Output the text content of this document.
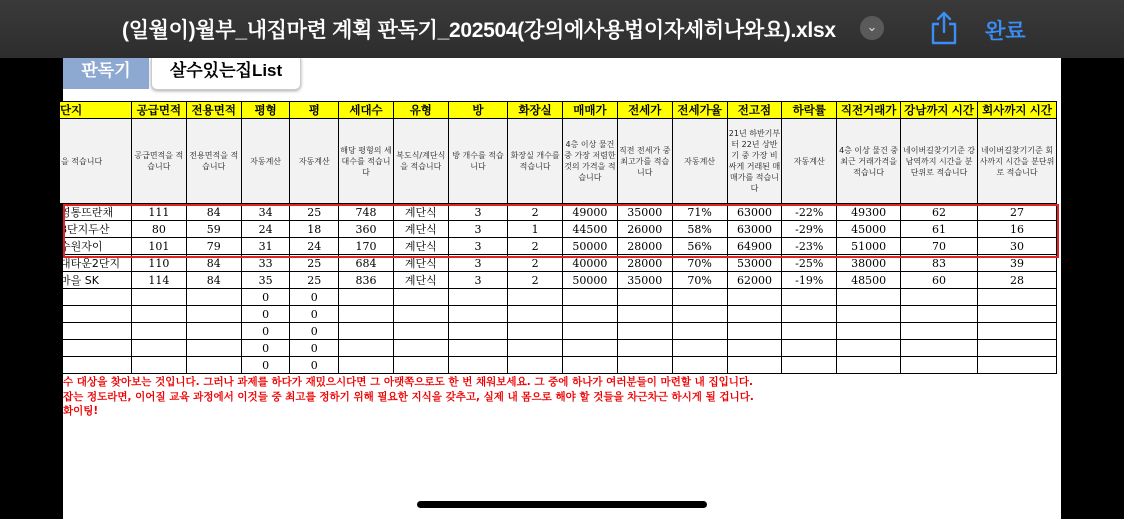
(일월이)월부_내집마련 계획 판독기_202504(강의에사용법이자세히나와요).xlsx	⌄	완료
판독기	살수있는집List
단지	공급면적	전용면적	평형	평	세대수	유형	방	화장실	매매가	전세가	전세가율	전고점	하락률	직전거래가	강남까지 시간	회사까지 시간
을 적습니다	공급면적을 적습니다	전용면적을 적습니다	자동계산	자동계산	해당 평형의 세대수를 적습니다	복도식/계단식을 적습니다	방 개수를 적습니다	화장실 개수를 적습니다	4층 이상 물건 중 가장 저렴한 것의 가격을 적습니다	직전 전세가 중 최고가를 적습니다	자동계산	21년 하반기부터 22년 상반기 중 가장 비싸게 거래된 매매가를 적습니다	자동계산	4층 이상 물건 중 최근 거래가격을 적습니다	네이버길찾기기준 강남역까지 시간을 분단위로 적습니다	네이버길찾기기준 회사까지 시간을 분단위로 적습니다
영통뜨란채	111	84	34	25	748	계단식	3	2	49000	35000	71%	63000	-22%	49300	62	27
8단지두산	80	59	24	18	360	계단식	3	1	44500	26000	58%	63000	-29%	45000	61	16
수원자이	101	79	31	24	170	계단식	3	2	50000	28000	56%	64900	-23%	51000	70	30
대타운2단지	110	84	33	25	684	계단식	3	2	40000	28000	70%	53000	-25%	38000	83	39
마을 SK	114	84	35	25	836	계단식	3	2	50000	35000	70%	62000	-19%	48500	60	28
			0	0												
			0	0												
			0	0												
			0	0												
			0	0												
수 대상을 찾아보는 것입니다. 그러나 과제를 하다가 재밌으시다면 그 아랫쪽으로도 한 번 채워보세요. 그 중에 하나가 여러분들이 마련할 내 집입니다.
잡는 정도라면, 이어질 교육 과정에서 이것들 중 최고를 정하기 위해 필요한 지식을 갖추고, 실제 내 몸으로 해야 할 것들을 차근차근 하시게 될 겁니다.
화이팅!
